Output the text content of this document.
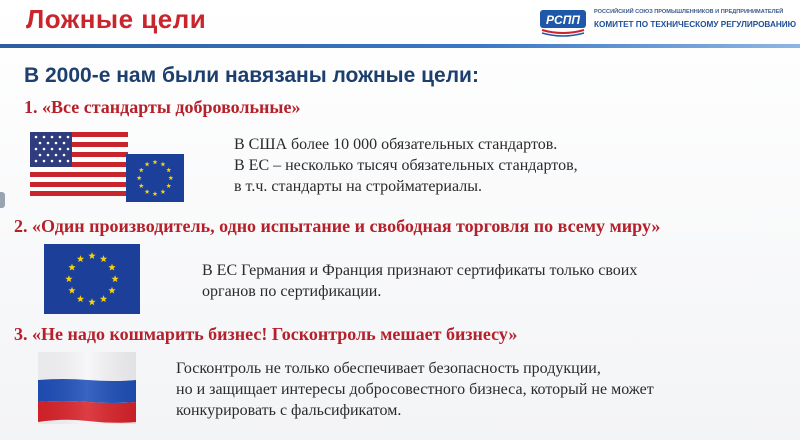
Ложные цели	РСПП
РОССИЙСКИЙ СОЮЗ ПРОМЫШЛЕННИКОВ И ПРЕДПРИНИМАТЕЛЕЙ
КОМИТЕТ ПО ТЕХНИЧЕСКОМУ РЕГУЛИРОВАНИЮ
В 2000-е нам были навязаны ложные цели:
1. «Все стандарты добровольные»
В США более 10 000 обязательных стандартов.
В ЕС – несколько тысяч обязательных стандартов,
в т.ч. стандарты на стройматериалы.
2. «Один производитель, одно испытание и свободная торговля по всему миру»
В ЕС Германия и Франция признают сертификаты только своих
органов по сертификации.
3. «Не надо кошмарить бизнес! Госконтроль мешает бизнесу»
Госконтроль не только обеспечивает безопасность продукции,
но и защищает интересы добросовестного бизнеса, который не может
конкурировать с фальсификатом.
